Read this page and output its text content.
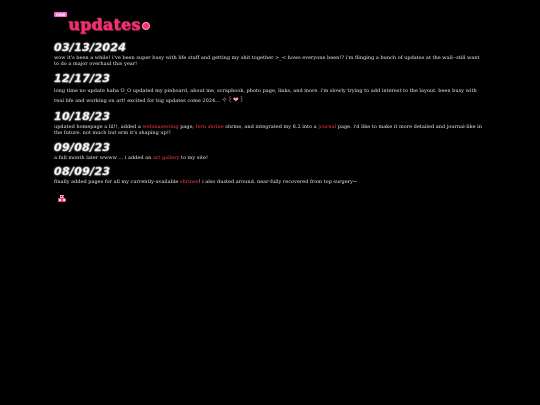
new
updates
03/13/2024
wow it's been a while! i've been super busy with life stuff and getting my shit together >_< hows everyone been!? i'm flinging a bunch of updates at the wall--still want to do a major overhaul this year!
12/17/23
long time no update haha O_O updated my pinboard, about me, scrapbook, photo page, links, and more. i'm slowly trying to add interest to the layout. been busy with real life and working on art! excited for big updates come 2024... ✧꒰❤︎꒱
10/18/23
updated homepage a lil!!, added a webmastering page, fern shrine shrine, and integrated my 8.2 into a journal page. i'd like to make it more detailed and journal-like in the future. not much but erm it's shaping up!!
09/08/23
a full month later wwww ... i added an art gallery to my site!
08/09/23
finally added pages for all my currently-available shrines! i also dusted around. near-fully recovered from top surgery~
